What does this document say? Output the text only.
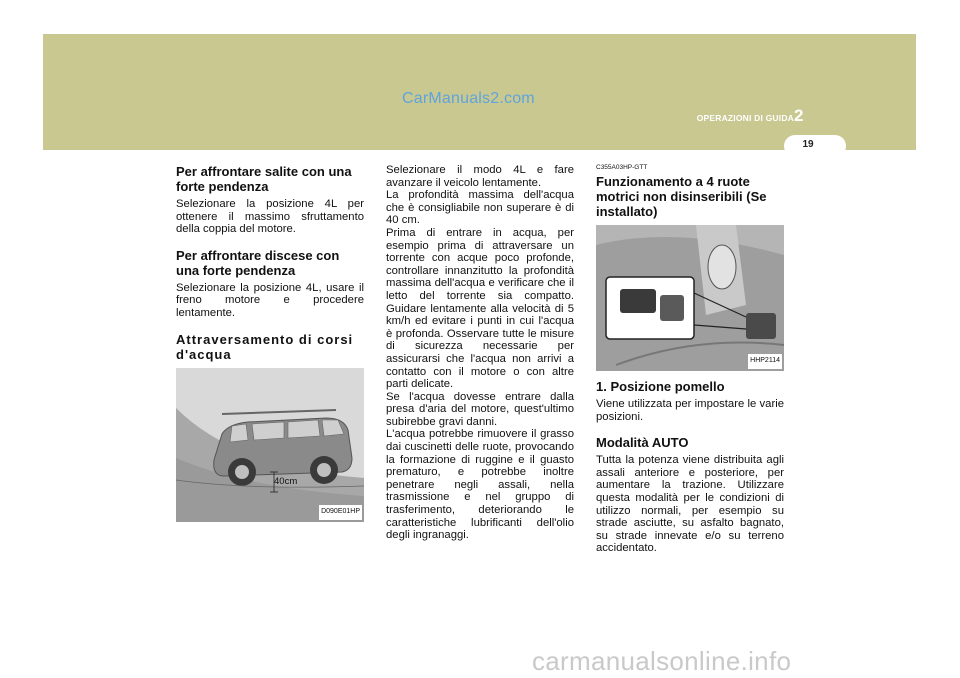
CarManuals2.com
OPERAZIONI DI GUIDA 2
19
Per affrontare salite con una forte pendenza
Selezionare la posizione 4L per ottenere il massimo sfruttamento della coppia del motore.
Per affrontare discese con una forte pendenza
Selezionare la posizione 4L, usare il freno motore e procedere lentamente.
Attraversamento di corsi d'acqua
40cm
D090E01HP
Selezionare il modo 4L e fare avanzare il veicolo lentamente.
La profondità massima dell'acqua che è consigliabile non superare è di 40 cm.
Prima di entrare in acqua, per esempio prima di attraversare un torrente con acque poco profonde, controllare innanzitutto la profondità massima dell'acqua e verificare che il letto del torrente sia compatto. Guidare lentamente alla velocità di 5 km/h ed evitare i punti in cui l'acqua è profonda. Osservare tutte le misure di sicurezza necessarie per assicurarsi che l'acqua non arrivi a contatto con il motore o con altre parti delicate.
Se l'acqua dovesse entrare dalla presa d'aria del motore, quest'ultimo subirebbe gravi danni.
L'acqua potrebbe rimuovere il grasso dai cuscinetti delle ruote, provocando la formazione di ruggine e il guasto prematuro, e potrebbe inoltre penetrare negli assali, nella trasmissione e nel gruppo di trasferimento, deteriorando le caratteristiche lubrificanti dell'olio degli ingranaggi.
C355A03HP-GTT
Funzionamento a 4 ruote motrici non disinseribili (Se installato)
HHP2114
1. Posizione pomello
Viene utilizzata per impostare le varie posizioni.
Modalità AUTO
Tutta la potenza viene distribuita agli assali anteriore e posteriore, per aumentare la trazione. Utilizzare questa modalità per le condizioni di utilizzo normali, per esempio su strade asciutte, su asfalto bagnato, su strade innevate e/o su terreno accidentato.
carmanualsonline.info
